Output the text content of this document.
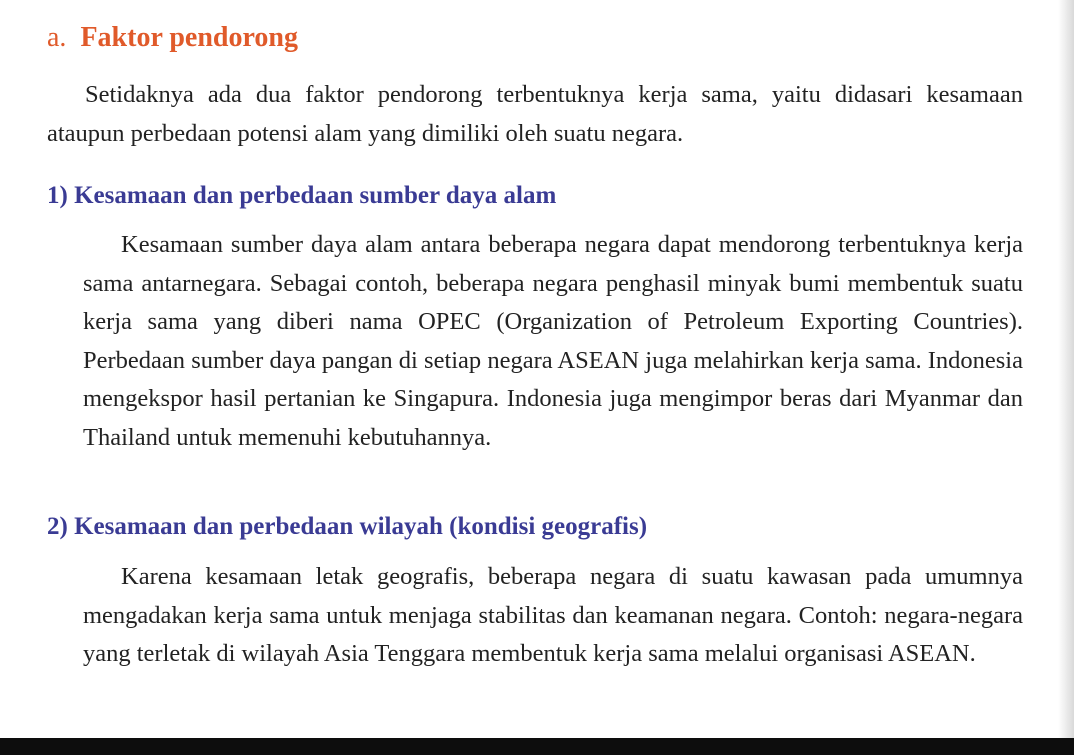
a. Faktor pendorong

Setidaknya ada dua faktor pendorong terbentuknya kerja sama, yaitu didasari kesamaan ataupun perbedaan potensi alam yang dimiliki oleh suatu negara.

1) Kesamaan dan perbedaan sumber daya alam

Kesamaan sumber daya alam antara beberapa negara dapat mendorong terbentuknya kerja sama antarnegara. Sebagai contoh, beberapa negara penghasil minyak bumi membentuk suatu kerja sama yang diberi nama OPEC (Organization of Petroleum Exporting Countries). Perbedaan sumber daya pangan di setiap negara ASEAN juga melahirkan kerja sama. Indonesia mengekspor hasil pertanian ke Singapura. Indonesia juga mengimpor beras dari Myanmar dan Thailand untuk memenuhi kebutuhannya.

2) Kesamaan dan perbedaan wilayah (kondisi geografis)

Karena kesamaan letak geografis, beberapa negara di suatu kawasan pada umumnya mengadakan kerja sama untuk menjaga stabilitas dan keamanan negara. Contoh: negara-negara yang terletak di wilayah Asia Tenggara membentuk kerja sama melalui organisasi ASEAN.
